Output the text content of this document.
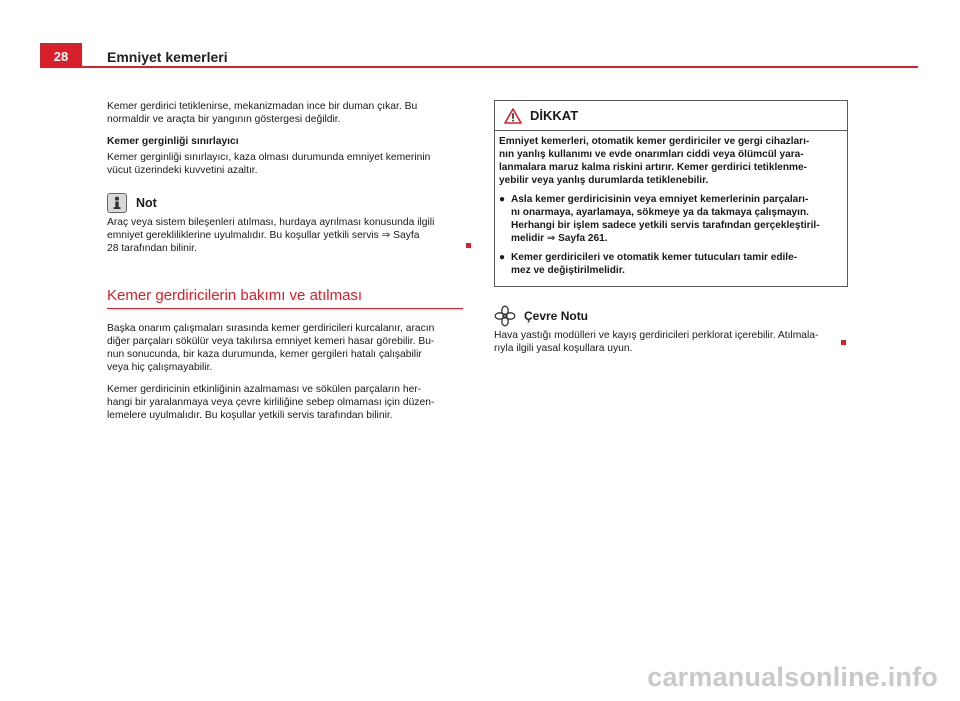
28	Emniyet kemerleri

Kemer gerdirici tetiklenirse, mekanizmadan ince bir duman çıkar. Bu
normaldir ve araçta bir yangının göstergesi değildir.

Kemer gerginliği sınırlayıcı

Kemer gerginliği sınırlayıcı, kaza olması durumunda emniyet kemerinin
vücut üzerindeki kuvvetini azaltır.

Not

Araç veya sistem bileşenleri atılması, hurdaya ayrılması konusunda ilgili
emniyet gerekliliklerine uyulmalıdır. Bu koşullar yetkili servis ⇒ Sayfa
28 tarafından bilinir.

Kemer gerdiricilerin bakımı ve atılması

Başka onarım çalışmaları sırasında kemer gerdiricileri kurcalanır, aracın
diğer parçaları sökülür veya takılırsa emniyet kemeri hasar görebilir. Bu-
nun sonucunda, bir kaza durumunda, kemer gergileri hatalı çalışabilir
veya hiç çalışmayabilir.

Kemer gerdiricinin etkinliğinin azalmaması ve sökülen parçaların her-
hangi bir yaralanmaya veya çevre kirliliğine sebep olmaması için düzen-
lemelere uyulmalıdır. Bu koşullar yetkili servis tarafından bilinir.

DİKKAT

Emniyet kemerleri, otomatik kemer gerdiriciler ve gergi cihazları-
nın yanlış kullanımı ve evde onarımları ciddi veya ölümcül yara-
lanmalara maruz kalma riskini artırır. Kemer gerdirici tetiklenme-
yebilir veya yanlış durumlarda tetiklenebilir.

● Asla kemer gerdiricisinin veya emniyet kemerlerinin parçaları-
nı onarmaya, ayarlamaya, sökmeye ya da takmaya çalışmayın.
Herhangi bir işlem sadece yetkili servis tarafından gerçekleştiril-
melidir ⇒ Sayfa 261.

● Kemer gerdiricileri ve otomatik kemer tutucuları tamir edile-
mez ve değiştirilmelidir.

Çevre Notu

Hava yastığı modülleri ve kayış gerdiricileri perklorat içerebilir. Atılmala-
rıyla ilgili yasal koşullara uyun.

carmanualsonline.info
